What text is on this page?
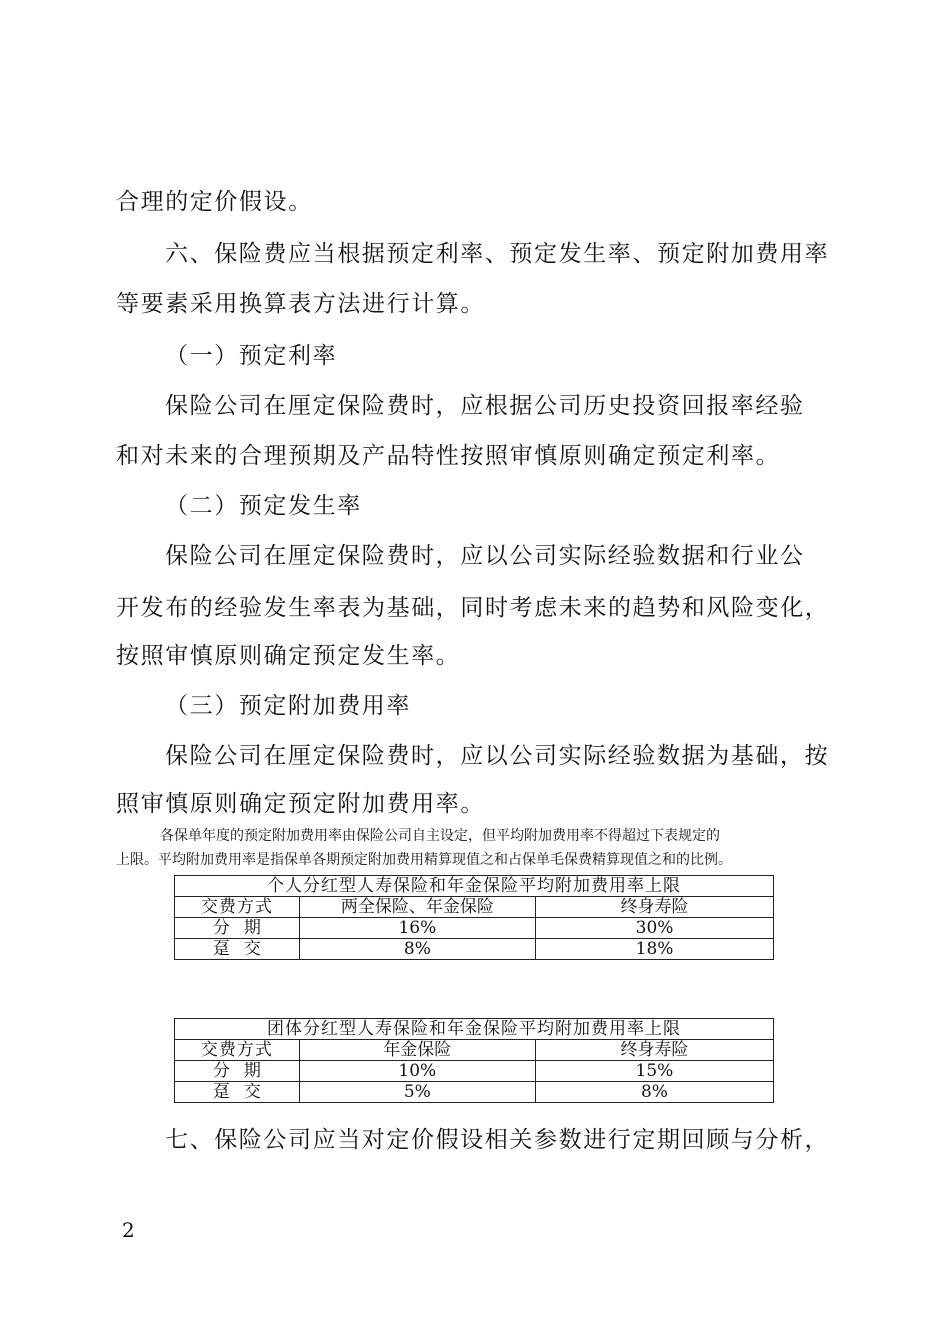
合理的定价假设。

六、保险费应当根据预定利率、预定发生率、预定附加费用率

等要素采用换算表方法进行计算。

（一）预定利率

保险公司在厘定保险费时，应根据公司历史投资回报率经验

和对未来的合理预期及产品特性按照审慎原则确定预定利率。

（二）预定发生率

保险公司在厘定保险费时，应以公司实际经验数据和行业公

开发布的经验发生率表为基础，同时考虑未来的趋势和风险变化，

按照审慎原则确定预定发生率。

（三）预定附加费用率

保险公司在厘定保险费时，应以公司实际经验数据为基础，按

照审慎原则确定预定附加费用率。

各保单年度的预定附加费用率由保险公司自主设定，但平均附加费用率不得超过下表规定的

上限。平均附加费用率是指保单各期预定附加费用精算现值之和占保单毛保费精算现值之和的比例。

个人分红型人寿保险和年金保险平均附加费用率上限		
交费方式	两全保险、年金保险	终身寿险
分期	16%	30%
趸交	8%	18%
团体分红型人寿保险和年金保险平均附加费用率上限		
交费方式	年金保险	终身寿险
分期	10%	15%
趸交	5%	8%

七、保险公司应当对定价假设相关参数进行定期回顾与分析，

2
